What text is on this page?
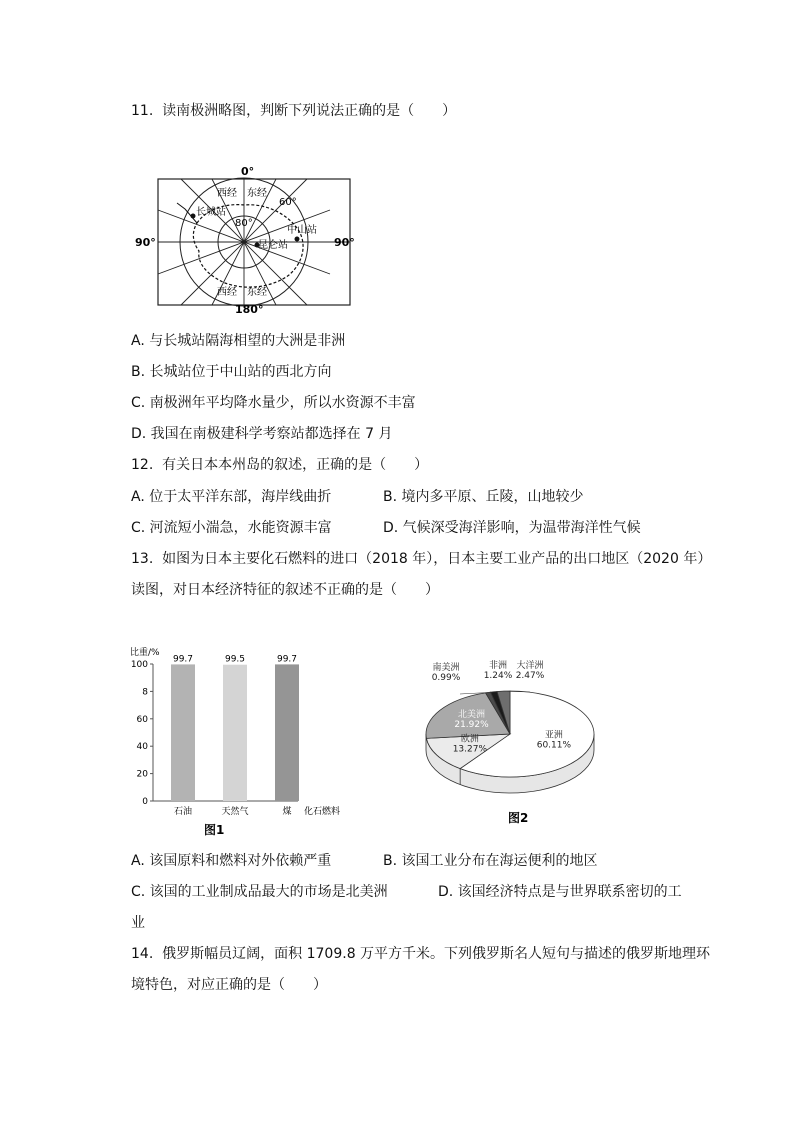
11.  读南极洲略图，判断下列说法正确的是（　　）
0°
180°
90°	90°
西经 东经
西经 东经
60°
80°
长城站
中山站
昆仑站
A. 与长城站隔海相望的大洲是非洲
B. 长城站位于中山站的西北方向
C. 南极洲年平均降水量少，所以水资源不丰富
D. 我国在南极建科学考察站都选择在 7 月
12.  有关日本本州岛的叙述，正确的是（　　）
A. 位于太平洋东部，海岸线曲折	B. 境内多平原、丘陵，山地较少
C. 河流短小湍急，水能资源丰富	D. 气候深受海洋影响，为温带海洋性气候
13.  如图为日本主要化石燃料的进口（2018 年），日本主要工业产品的出口地区（2020 年）
读图，对日本经济特征的叙述不正确的是（　　）
比重/%
化石燃料
图1
0
20
40
60
8
100
99.7
石油
99.5
天然气
99.7
煤
亚洲
60.11%
欧洲
13.27%
北美洲
21.92%
南美洲
0.99%
非洲
1.24%
大洋洲
2.47%
图2
A. 该国原料和燃料对外依赖严重	B. 该国工业分布在海运便利的地区
C. 该国的工业制成品最大的市场是北美洲	D. 该国经济特点是与世界联系密切的工
业
14.  俄罗斯幅员辽阔，面积 1709.8 万平方千米。下列俄罗斯名人短句与描述的俄罗斯地理环
境特色，对应正确的是（　　）
